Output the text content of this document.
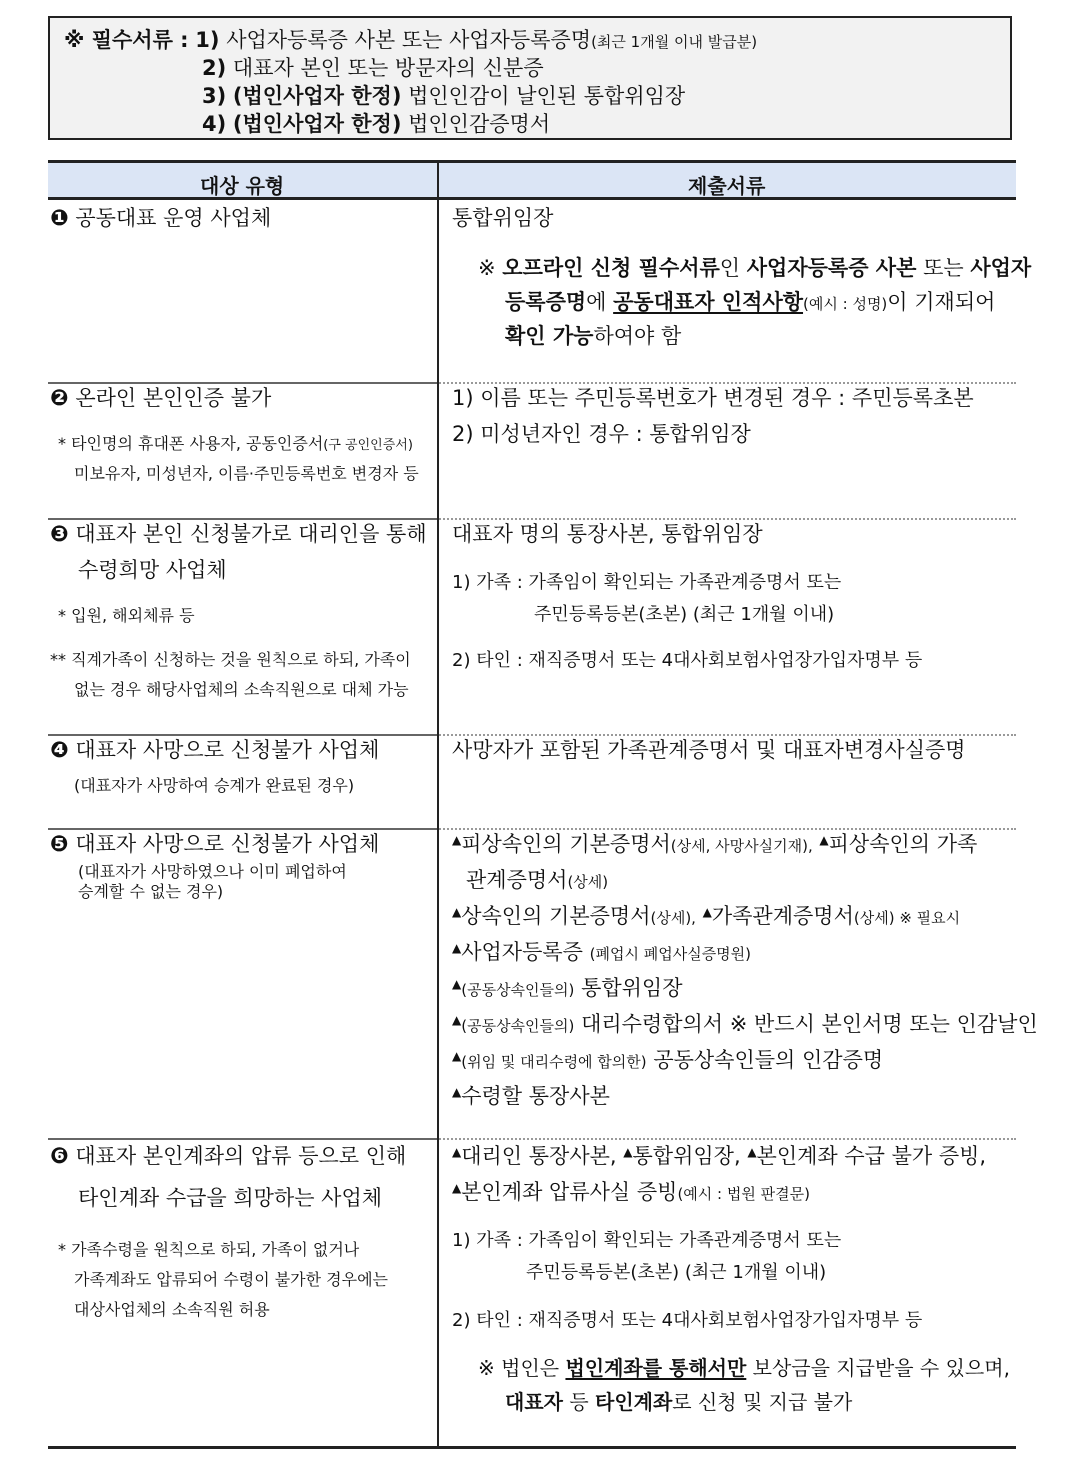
※ 필수서류 : 1) 사업자등록증 사본 또는 사업자등록증명(최근 1개월 이내 발급분)
2) 대표자 본인 또는 방문자의 신분증
3) (법인사업자 한정) 법인인감이 날인된 통합위임장
4) (법인사업자 한정) 법인인감증명서
대상 유형	제출서류
❶ 공동대표 운영 사업체	통합위임장
※ 오프라인 신청 필수서류인 사업자등록증 사본 또는 사업자
등록증명에 공동대표자 인적사항(예시 : 성명)이 기재되어
확인 가능하여야 함
❷ 온라인 본인인증 불가
* 타인명의 휴대폰 사용자, 공동인증서(구 공인인증서)
미보유자, 미성년자, 이름·주민등록번호 변경자 등
1) 이름 또는 주민등록번호가 변경된 경우 : 주민등록초본
2) 미성년자인 경우 : 통합위임장
❸ 대표자 본인 신청불가로 대리인을 통해
수령희망 사업체
* 입원, 해외체류 등
** 직계가족이 신청하는 것을 원칙으로 하되, 가족이
없는 경우 해당사업체의 소속직원으로 대체 가능
대표자 명의 통장사본, 통합위임장
1) 가족 : 가족임이 확인되는 가족관계증명서 또는
주민등록등본(초본) (최근 1개월 이내)
2) 타인 : 재직증명서 또는 4대사회보험사업장가입자명부 등
❹ 대표자 사망으로 신청불가 사업체
(대표자가 사망하여 승계가 완료된 경우)
사망자가 포함된 가족관계증명서 및 대표자변경사실증명
❺ 대표자 사망으로 신청불가 사업체
(대표자가 사망하였으나 이미 폐업하여
승계할 수 없는 경우)
▲피상속인의 기본증명서(상세, 사망사실기재), ▲피상속인의 가족
관계증명서(상세)
▲상속인의 기본증명서(상세), ▲가족관계증명서(상세) ※ 필요시
▲사업자등록증 (폐업시 폐업사실증명원)
▲(공동상속인들의) 통합위임장
▲(공동상속인들의) 대리수령합의서 ※ 반드시 본인서명 또는 인감날인
▲(위임 및 대리수령에 합의한) 공동상속인들의 인감증명
▲수령할 통장사본
❻ 대표자 본인계좌의 압류 등으로 인해
타인계좌 수급을 희망하는 사업체
* 가족수령을 원칙으로 하되, 가족이 없거나
가족계좌도 압류되어 수령이 불가한 경우에는
대상사업체의 소속직원 허용
▲대리인 통장사본, ▲통합위임장, ▲본인계좌 수급 불가 증빙,
▲본인계좌 압류사실 증빙(예시 : 법원 판결문)
1) 가족 : 가족임이 확인되는 가족관계증명서 또는
주민등록등본(초본) (최근 1개월 이내)
2) 타인 : 재직증명서 또는 4대사회보험사업장가입자명부 등
※ 법인은 법인계좌를 통해서만 보상금을 지급받을 수 있으며,
대표자 등 타인계좌로 신청 및 지급 불가
